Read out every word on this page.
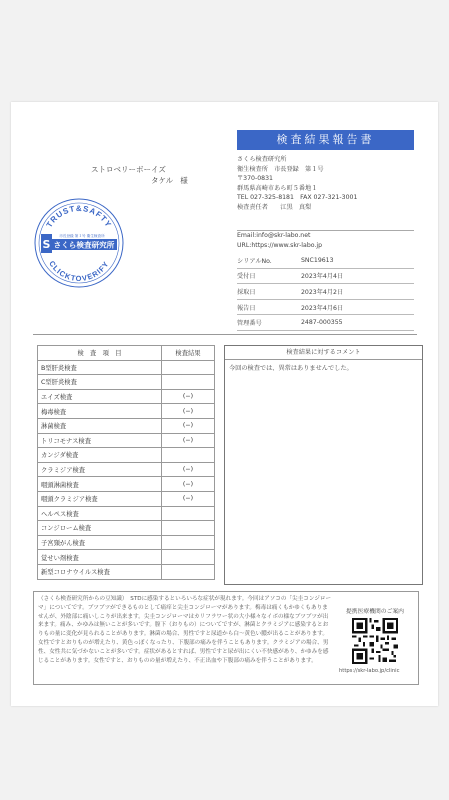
ストロベリーボーイズ
タケル 様
検査結果報告書
さくら検査研究所
衛生検査所　市長登録　第１号
〒370-0831
群馬県高崎市あら町５番地１
TEL 027-325-8181　FAX 027-321-3001
検査責任者　　江黒　真梨
Email:info@skr-labo.net
URL:https://www.skr-labo.jp
シリアルNo.	SNC19613
受付日	2023年4月4日
採取日	2023年4月2日
報告日	2023年4月6日
管理番号	2487-000355
TRUST&SAFTY
CLICKTOVERIFY
市長登録 第１号 衛生検査所
S さくら検査研究所
検　査　項　目	検査結果
B型肝炎検査	
C型肝炎検査	
エイズ検査	(−)
梅毒検査	(−)
淋菌検査	(−)
トリコモナス検査	(−)
カンジダ検査	
クラミジア検査	(−)
咽頭淋菌検査	(−)
咽頭クラミジア検査	(−)
ヘルペス検査	
コンジローム検査	
子宮頸がん検査	
覚せい剤検査	
新型コロナウイルス検査	
検査結果に対するコメント
今回の検査では、異常はありませんでした。
（さくら検査研究所からの豆知識）　STDに感染するといろいろな症状が現れます。今回はアソコの「尖圭コンジローマ」についてです。ブツブツができるものとして痛痒と尖圭コンジローマがあります。梅毒は痛くもかゆくもありませんが、外陰部に痛いしこりが出来ます。尖圭コンジローマはカリフラワー状の大小様々なイボの様なブツブツが出来ます。痛み、かゆみは無いことが多いです。膣下（おりもの）についてですが、淋菌とクラミジアに感染するとおりもの量に変化が見られることがあります。淋菌の場合、男性ですと尿道から白～黄色い膿が出ることがあります。女性ですとおりものが増えたり、黄色っぽくなったり、下腹部の痛みを伴うこともあります。クラミジアの場合、男性、女性共に気づかないことが多いです。症状があるとすれば、男性ですと尿が出にくい不快感があり、かゆみを感じることがあります。女性ですと、おりものの量が増えたり、不正出血や下腹部の痛みを伴うことがあります。
提携医療機関のご案内
https://skr-labo.jp/clinic
